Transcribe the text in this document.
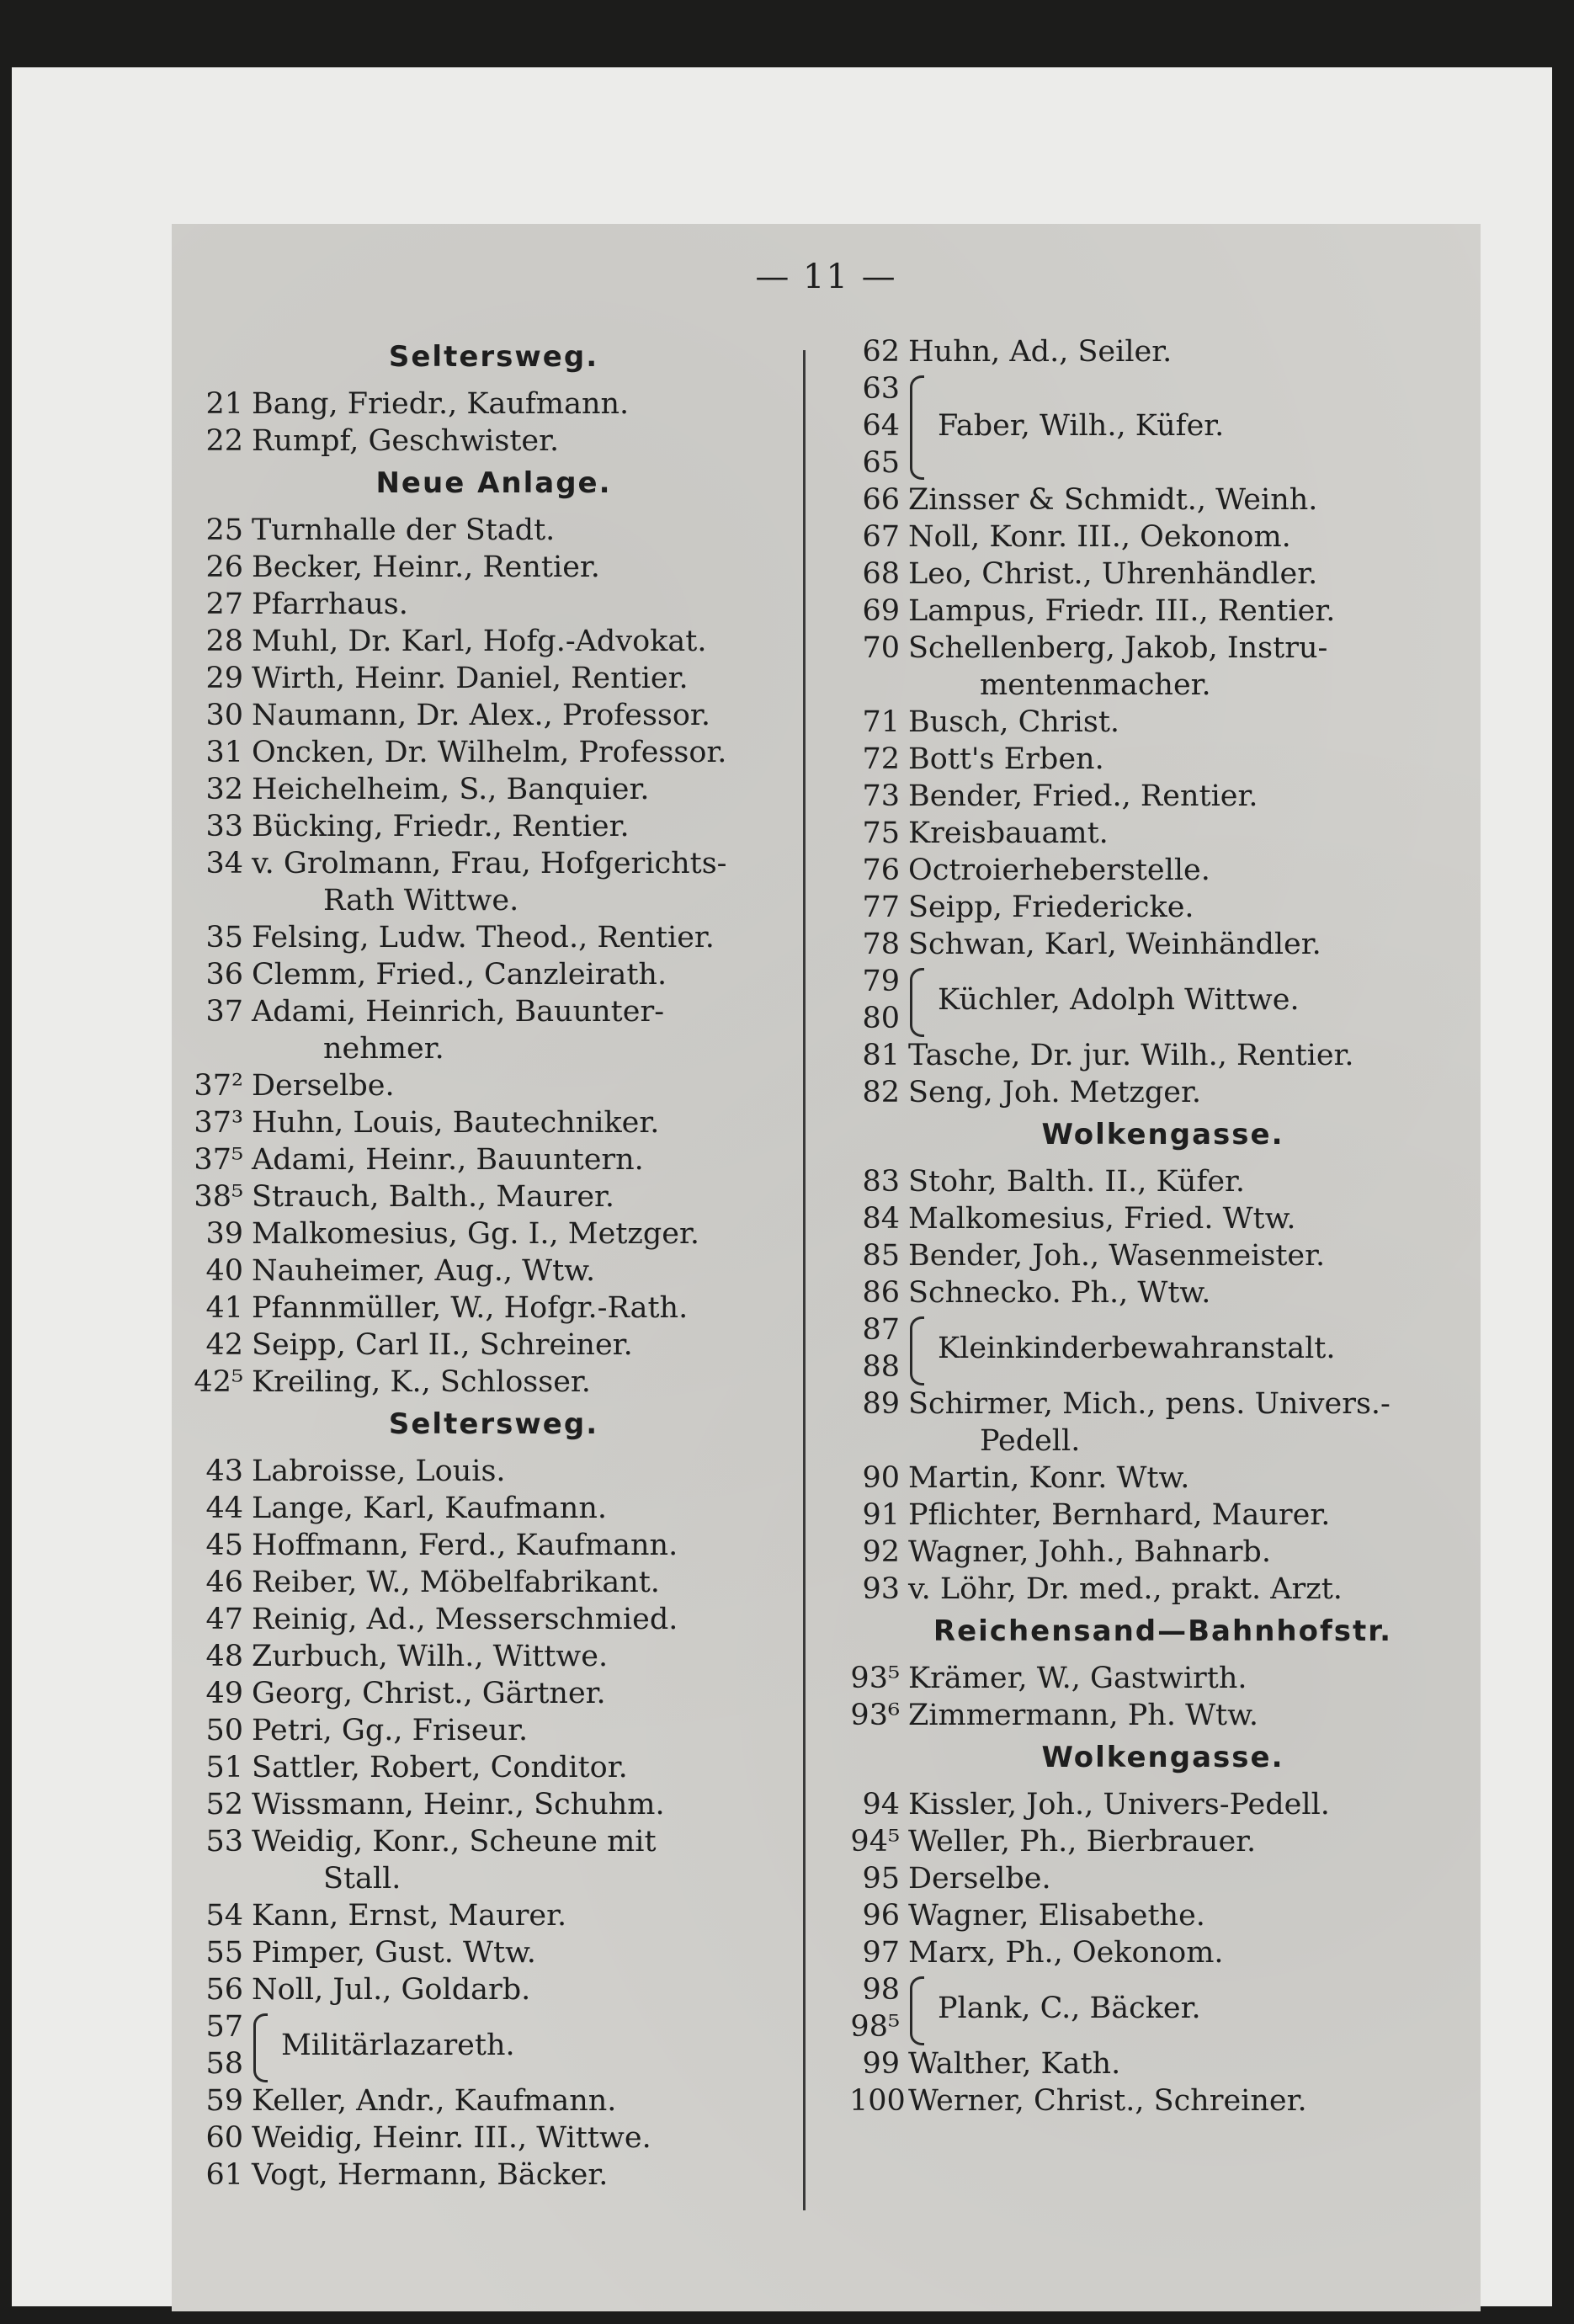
— 11 —
Seltersweg.
21 Bang, Friedr., Kaufmann.
22 Rumpf, Geschwister.
Neue Anlage.
25 Turnhalle der Stadt.
26 Becker, Heinr., Rentier.
27 Pfarrhaus.
28 Muhl, Dr. Karl, Hofg.-Advokat.
29 Wirth, Heinr. Daniel, Rentier.
30 Naumann, Dr. Alex., Professor.
31 Oncken, Dr. Wilhelm, Professor.
32 Heichelheim, S., Banquier.
33 Bücking, Friedr., Rentier.
34 v. Grolmann, Frau, Hofgerichts-
Rath Wittwe.
35 Felsing, Ludw. Theod., Rentier.
36 Clemm, Fried., Canzleirath.
37 Adami, Heinrich, Bauunter-
nehmer.
37² Derselbe.
37³ Huhn, Louis, Bautechniker.
37⁵ Adami, Heinr., Bauuntern.
38⁵ Strauch, Balth., Maurer.
39 Malkomesius, Gg. I., Metzger.
40 Nauheimer, Aug., Wtw.
41 Pfannmüller, W., Hofgr.-Rath.
42 Seipp, Carl II., Schreiner.
42⁵ Kreiling, K., Schlosser.
Seltersweg.
43 Labroisse, Louis.
44 Lange, Karl, Kaufmann.
45 Hoffmann, Ferd., Kaufmann.
46 Reiber, W., Möbelfabrikant.
47 Reinig, Ad., Messerschmied.
48 Zurbuch, Wilh., Wittwe.
49 Georg, Christ., Gärtner.
50 Petri, Gg., Friseur.
51 Sattler, Robert, Conditor.
52 Wissmann, Heinr., Schuhm.
53 Weidig, Konr., Scheune mit
Stall.
54 Kann, Ernst, Maurer.
55 Pimper, Gust. Wtw.
56 Noll, Jul., Goldarb.
57
58
Militärlazareth.
59 Keller, Andr., Kaufmann.
60 Weidig, Heinr. III., Wittwe.
61 Vogt, Hermann, Bäcker.
62 Huhn, Ad., Seiler.
63
64
65
Faber, Wilh., Küfer.
66 Zinsser & Schmidt., Weinh.
67 Noll, Konr. III., Oekonom.
68 Leo, Christ., Uhrenhändler.
69 Lampus, Friedr. III., Rentier.
70 Schellenberg, Jakob, Instru-
mentenmacher.
71 Busch, Christ.
72 Bott's Erben.
73 Bender, Fried., Rentier.
75 Kreisbauamt.
76 Octroierheberstelle.
77 Seipp, Friedericke.
78 Schwan, Karl, Weinhändler.
79
80
Küchler, Adolph Wittwe.
81 Tasche, Dr. jur. Wilh., Rentier.
82 Seng, Joh. Metzger.
Wolkengasse.
83 Stohr, Balth. II., Küfer.
84 Malkomesius, Fried. Wtw.
85 Bender, Joh., Wasenmeister.
86 Schnecko. Ph., Wtw.
87
88
Kleinkinderbewahranstalt.
89 Schirmer, Mich., pens. Univers.-
Pedell.
90 Martin, Konr. Wtw.
91 Pflichter, Bernhard, Maurer.
92 Wagner, Johh., Bahnarb.
93 v. Löhr, Dr. med., prakt. Arzt.
Reichensand—Bahnhofstr.
93⁵ Krämer, W., Gastwirth.
93⁶ Zimmermann, Ph. Wtw.
Wolkengasse.
94 Kissler, Joh., Univers-Pedell.
94⁵ Weller, Ph., Bierbrauer.
95 Derselbe.
96 Wagner, Elisabethe.
97 Marx, Ph., Oekonom.
98
98⁵
Plank, C., Bäcker.
99 Walther, Kath.
100Werner, Christ., Schreiner.
